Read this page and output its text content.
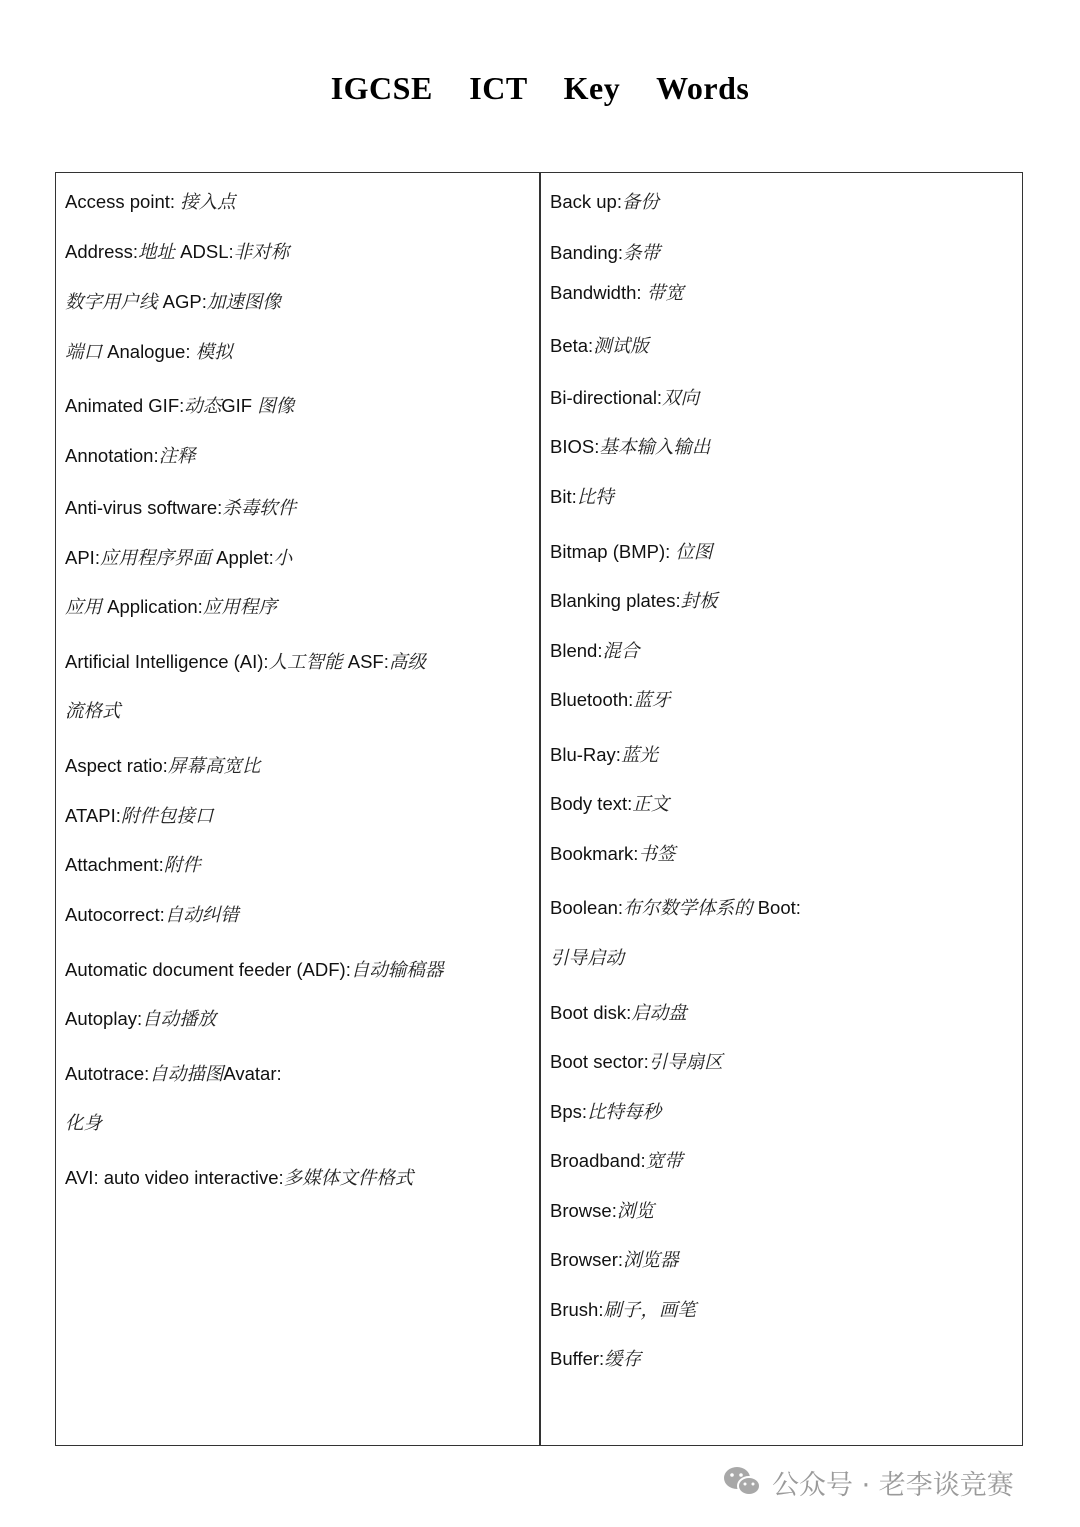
IGCSE ICT Key Words
Access point: 接入点
Address:地址 ADSL:非对称
数字用户线 AGP:加速图像
端口 Analogue: 模拟
Animated GIF:动态GIF 图像
Annotation:注释
Anti-virus software:杀毒软件
API:应用程序界面 Applet:小
应用 Application:应用程序
Artificial Intelligence (AI):人工智能 ASF:高级
流格式
Aspect ratio:屏幕高宽比
ATAPI:附件包接口
Attachment:附件
Autocorrect:自动纠错
Automatic document feeder (ADF):自动输稿器
Autoplay:自动播放
Autotrace:自动描图Avatar:
化身
AVI: auto video interactive:多媒体文件格式
Back up:备份
Banding:条带
Bandwidth: 带宽
Beta:测试版
Bi-directional:双向
BIOS:基本输入输出
Bit:比特
Bitmap (BMP): 位图
Blanking plates:封板
Blend:混合
Bluetooth:蓝牙
Blu-Ray:蓝光
Body text:正文
Bookmark:书签
Boolean:布尔数学体系的 Boot:
引导启动
Boot disk:启动盘
Boot sector:引导扇区
Bps:比特每秒
Broadband:宽带
Browse:浏览
Browser:浏览器
Brush:刷子，画笔
Buffer:缓存
公众号 · 老李谈竞赛
